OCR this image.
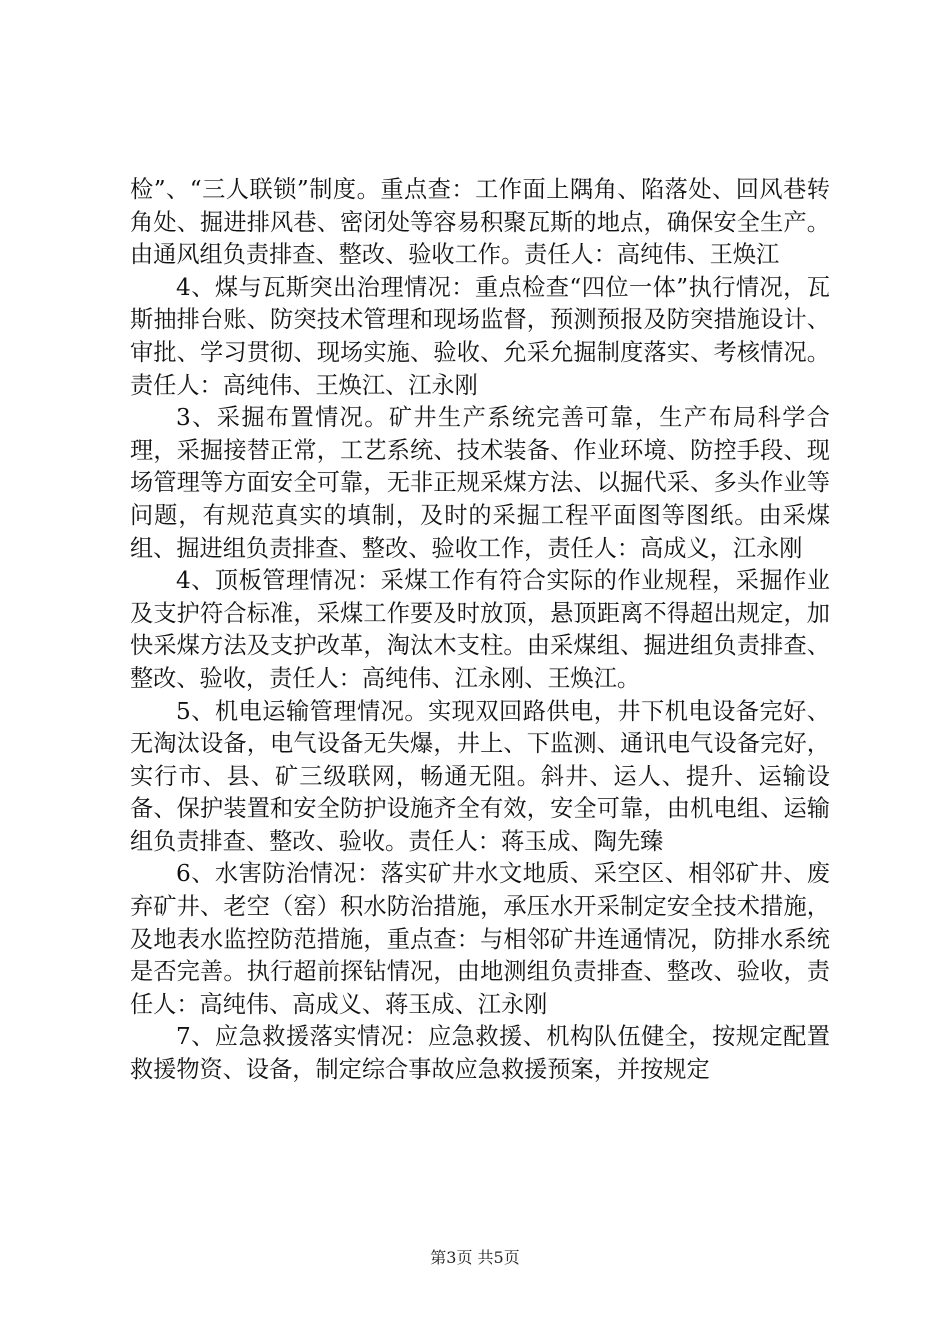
检”、“三人联锁”制度。重点查：工作面上隅角、陷落处、回风巷转角处、掘进排风巷、密闭处等容易积聚瓦斯的地点，确保安全生产。由通风组负责排查、整改、验收工作。责任人：高纯伟、王焕江

4、煤与瓦斯突出治理情况：重点检查“四位一体”执行情况，瓦斯抽排台账、防突技术管理和现场监督，预测预报及防突措施设计、审批、学习贯彻、现场实施、验收、允采允掘制度落实、考核情况。责任人：高纯伟、王焕江、江永刚

3、采掘布置情况。矿井生产系统完善可靠，生产布局科学合理，采掘接替正常，工艺系统、技术装备、作业环境、防控手段、现场管理等方面安全可靠，无非正规采煤方法、以掘代采、多头作业等问题，有规范真实的填制，及时的采掘工程平面图等图纸。由采煤组、掘进组负责排查、整改、验收工作，责任人：高成义，江永刚

4、顶板管理情况：采煤工作有符合实际的作业规程，采掘作业及支护符合标准，采煤工作要及时放顶，悬顶距离不得超出规定，加快采煤方法及支护改革，淘汰木支柱。由采煤组、掘进组负责排查、整改、验收，责任人：高纯伟、江永刚、王焕江。

5、机电运输管理情况。实现双回路供电，井下机电设备完好、无淘汰设备，电气设备无失爆，井上、下监测、通讯电气设备完好，实行市、县、矿三级联网，畅通无阻。斜井、运人、提升、运输设备、保护装置和安全防护设施齐全有效，安全可靠，由机电组、运输组负责排查、整改、验收。责任人：蒋玉成、陶先臻

6、水害防治情况：落实矿井水文地质、采空区、相邻矿井、废弃矿井、老空（窑）积水防治措施，承压水开采制定安全技术措施，及地表水监控防范措施，重点查：与相邻矿井连通情况，防排水系统是否完善。执行超前探钻情况，由地测组负责排查、整改、验收，责任人：高纯伟、高成义、蒋玉成、江永刚

7、应急救援落实情况：应急救援、机构队伍健全，按规定配置救援物资、设备，制定综合事故应急救援预案，并按规定

第3页 共5页
